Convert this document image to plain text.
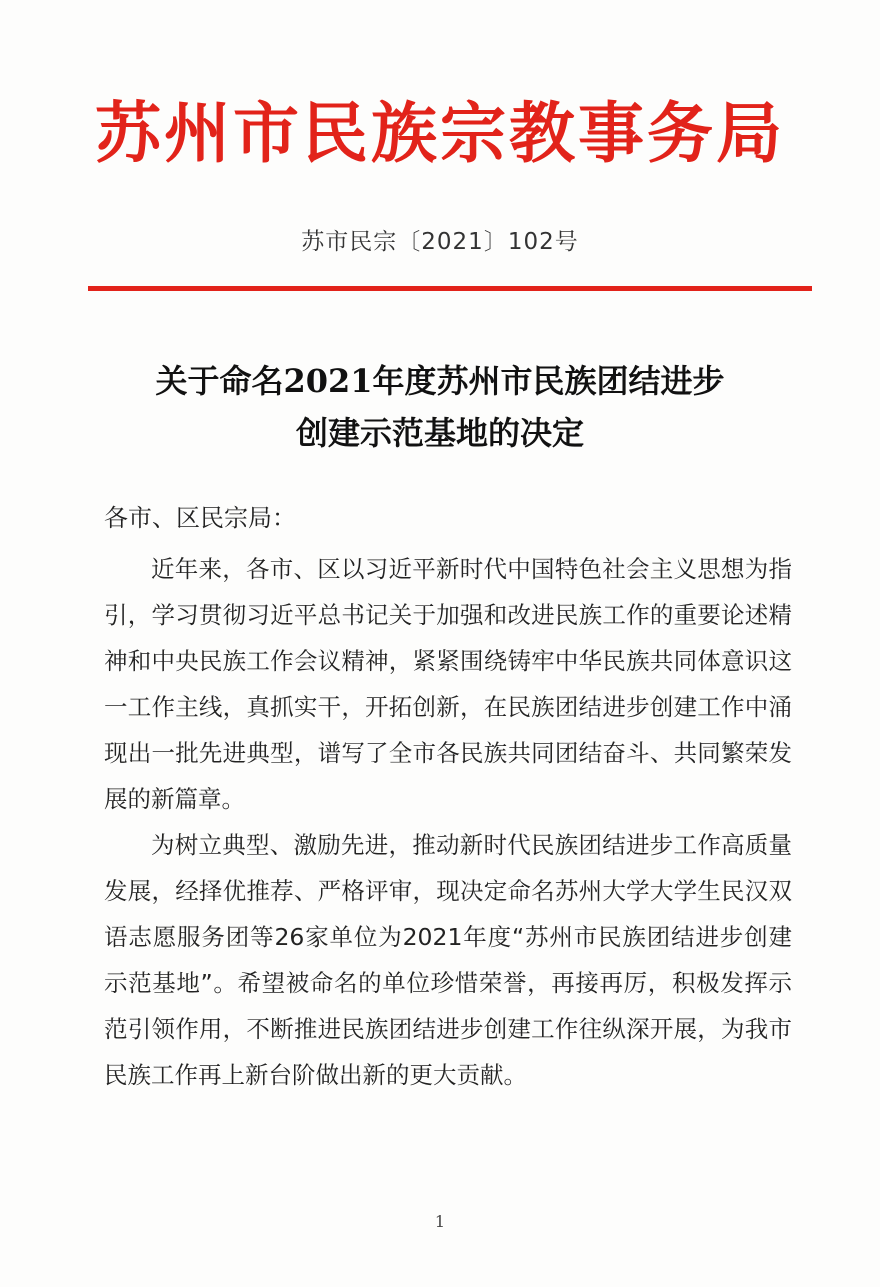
苏州市民族宗教事务局
苏市民宗〔2021〕102号
关于命名2021年度苏州市民族团结进步
创建示范基地的决定
各市、区民宗局：

近年来，各市、区以习近平新时代中国特色社会主义思想为指引，学习贯彻习近平总书记关于加强和改进民族工作的重要论述精神和中央民族工作会议精神，紧紧围绕铸牢中华民族共同体意识这一工作主线，真抓实干，开拓创新，在民族团结进步创建工作中涌现出一批先进典型，谱写了全市各民族共同团结奋斗、共同繁荣发展的新篇章。

为树立典型、激励先进，推动新时代民族团结进步工作高质量发展，经择优推荐、严格评审，现决定命名苏州大学大学生民汉双语志愿服务团等26家单位为2021年度“苏州市民族团结进步创建示范基地”。希望被命名的单位珍惜荣誉，再接再厉，积极发挥示范引领作用，不断推进民族团结进步创建工作往纵深开展，为我市民族工作再上新台阶做出新的更大贡献。

1
